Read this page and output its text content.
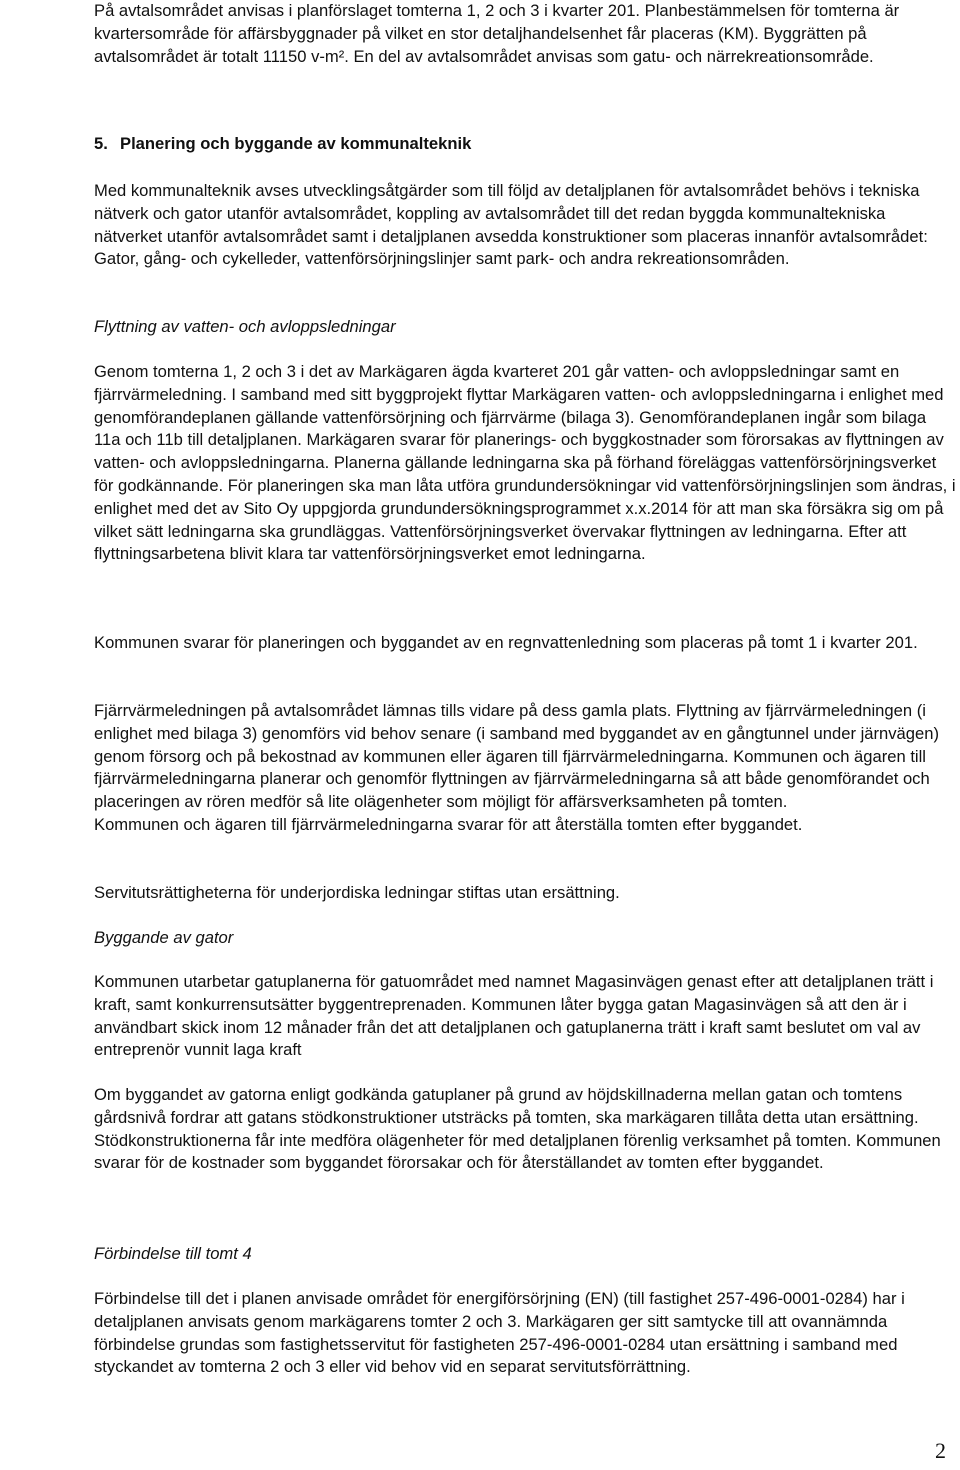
På avtalsområdet anvisas i planförslaget tomterna 1, 2 och 3 i kvarter 201. Planbestämmelsen för tomterna är kvartersområde för affärsbyggnader på vilket en stor detaljhandelsenhet får placeras (KM). Byggrätten på avtalsområdet är totalt 11150 v-m². En del av avtalsområdet anvisas som gatu- och närrekreationsområde.

5. Planering och byggande av kommunalteknik

Med kommunalteknik avses utvecklingsåtgärder som till följd av detaljplanen för avtalsområdet behövs i tekniska nätverk och gator utanför avtalsområdet, koppling av avtalsområdet till det redan byggda kommunaltekniska nätverket utanför avtalsområdet samt i detaljplanen avsedda konstruktioner som placeras innanför avtalsområdet: Gator, gång- och cykelleder, vattenförsörjningslinjer samt park- och andra rekreationsområden.

Flyttning av vatten- och avloppsledningar

Genom tomterna 1, 2 och 3 i det av Markägaren ägda kvarteret 201 går vatten- och avloppsledningar samt en fjärrvärmeledning. I samband med sitt byggprojekt flyttar Markägaren vatten- och avloppsledningarna i enlighet med genomförandeplanen gällande vattenförsörjning och fjärrvärme (bilaga 3). Genomförandeplanen ingår som bilaga 11a och 11b till detaljplanen. Markägaren svarar för planerings- och byggkostnader som förorsakas av flyttningen av vatten- och avloppsledningarna. Planerna gällande ledningarna ska på förhand föreläggas vattenförsörjningsverket för godkännande. För planeringen ska man låta utföra grundundersökningar vid vattenförsörjningslinjen som ändras, i enlighet med det av Sito Oy uppgjorda grundundersökningsprogrammet x.x.2014 för att man ska försäkra sig om på vilket sätt ledningarna ska grundläggas. Vattenförsörjningsverket övervakar flyttningen av ledningarna. Efter att flyttningsarbetena blivit klara tar vattenförsörjningsverket emot ledningarna.

Kommunen svarar för planeringen och byggandet av en regnvattenledning som placeras på tomt 1 i kvarter 201.

Fjärrvärmeledningen på avtalsområdet lämnas tills vidare på dess gamla plats. Flyttning av fjärrvärmeledningen (i enlighet med bilaga 3) genomförs vid behov senare (i samband med byggandet av en gångtunnel under järnvägen) genom försorg och på bekostnad av kommunen eller ägaren till fjärrvärmeledningarna. Kommunen och ägaren till fjärrvärmeledningarna planerar och genomför flyttningen av fjärrvärmeledningarna så att både genomförandet och placeringen av rören medför så lite olägenheter som möjligt för affärsverksamheten på tomten.

Kommunen och ägaren till fjärrvärmeledningarna svarar för att återställa tomten efter byggandet.

Servitutsrättigheterna för underjordiska ledningar stiftas utan ersättning.

Byggande av gator

Kommunen utarbetar gatuplanerna för gatuområdet med namnet Magasinvägen genast efter att detaljplanen trätt i kraft, samt konkurrensutsätter byggentreprenaden. Kommunen låter bygga gatan Magasinvägen så att den är i användbart skick inom 12 månader från det att detaljplanen och gatuplanerna trätt i kraft samt beslutet om val av entreprenör vunnit laga kraft

Om byggandet av gatorna enligt godkända gatuplaner på grund av höjdskillnaderna mellan gatan och tomtens gårdsnivå fordrar att gatans stödkonstruktioner utsträcks på tomten, ska markägaren tillåta detta utan ersättning. Stödkonstruktionerna får inte medföra olägenheter för med detaljplanen förenlig verksamhet på tomten. Kommunen svarar för de kostnader som byggandet förorsakar och för återställandet av tomten efter byggandet.

Förbindelse till tomt 4

Förbindelse till det i planen anvisade området för energiförsörjning (EN) (till fastighet 257-496-0001-0284) har i detaljplanen anvisats genom markägarens tomter 2 och 3. Markägaren ger sitt samtycke till att ovannämnda förbindelse grundas som fastighetsservitut för fastigheten 257-496-0001-0284 utan ersättning i samband med styckandet av tomterna 2 och 3 eller vid behov vid en separat servitutsförrättning.

2
